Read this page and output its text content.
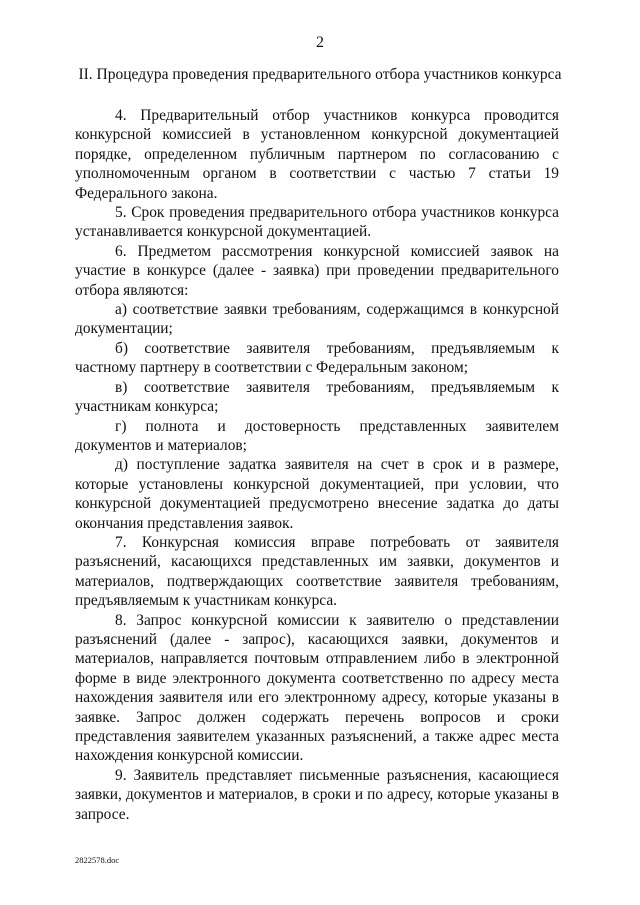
2
II. Процедура проведения предварительного отбора участников конкурса

4. Предварительный отбор участников конкурса проводится конкурсной комиссией в установленном конкурсной документацией порядке, определенном публичным партнером по согласованию с уполномоченным органом в соответствии с частью 7 статьи 19 Федерального закона.

5. Срок проведения предварительного отбора участников конкурса устанавливается конкурсной документацией.

6. Предметом рассмотрения конкурсной комиссией заявок на участие в конкурсе (далее - заявка) при проведении предварительного отбора являются:

а) соответствие заявки требованиям, содержащимся в конкурсной документации;

б) соответствие заявителя требованиям, предъявляемым к частному партнеру в соответствии с Федеральным законом;

в) соответствие заявителя требованиям, предъявляемым к участникам конкурса;

г) полнота и достоверность представленных заявителем документов и материалов;

д) поступление задатка заявителя на счет в срок и в размере, которые установлены конкурсной документацией, при условии, что конкурсной документацией предусмотрено внесение задатка до даты окончания представления заявок.

7. Конкурсная комиссия вправе потребовать от заявителя разъяснений, касающихся представленных им заявки, документов и материалов, подтверждающих соответствие заявителя требованиям, предъявляемым к участникам конкурса.

8. Запрос конкурсной комиссии к заявителю о представлении разъяснений (далее - запрос), касающихся заявки, документов и материалов, направляется почтовым отправлением либо в электронной форме в виде электронного документа соответственно по адресу места нахождения заявителя или его электронному адресу, которые указаны в заявке. Запрос должен содержать перечень вопросов и сроки представления заявителем указанных разъяснений, а также адрес места нахождения конкурсной комиссии.

9. Заявитель представляет письменные разъяснения, касающиеся заявки, документов и материалов, в сроки и по адресу, которые указаны в запросе.

2822578.doc
